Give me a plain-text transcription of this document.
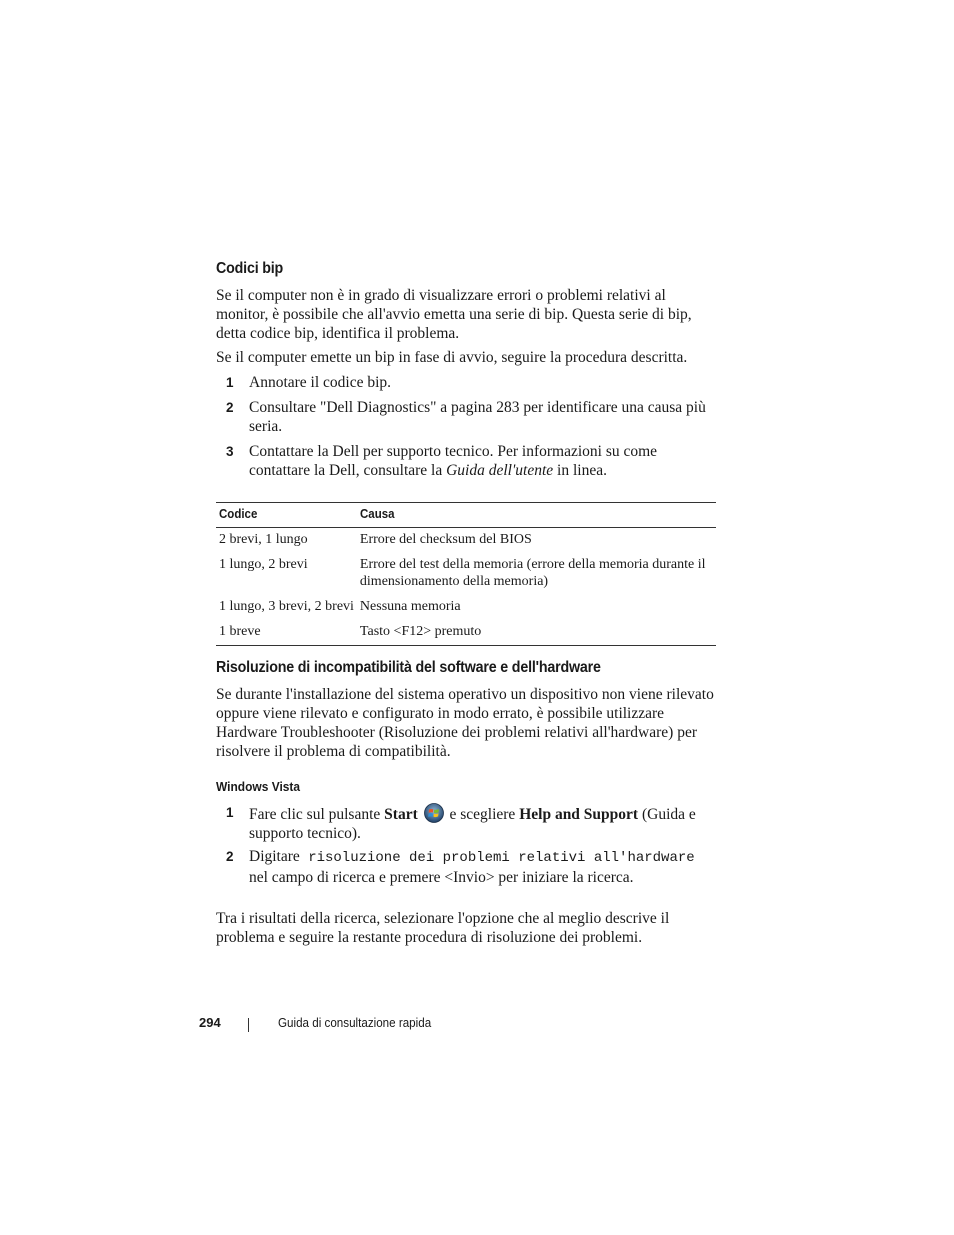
Codici bip

Se il computer non è in grado di visualizzare errori o problemi relativi al monitor, è possibile che all'avvio emetta una serie di bip. Questa serie di bip, detta codice bip, identifica il problema.

Se il computer emette un bip in fase di avvio, seguire la procedura descritta.

1 Annotare il codice bip.
2 Consultare "Dell Diagnostics" a pagina 283 per identificare una causa più seria.
3 Contattare la Dell per supporto tecnico. Per informazioni su come contattare la Dell, consultare la Guida dell'utente in linea.
Codice	Causa
2 brevi, 1 lungo	Errore del checksum del BIOS
1 lungo, 2 brevi	Errore del test della memoria (errore della memoria durante il dimensionamento della memoria)
1 lungo, 3 brevi, 2 brevi	Nessuna memoria
1 breve	Tasto <F12> premuto
Risoluzione di incompatibilità del software e dell'hardware

Se durante l'installazione del sistema operativo un dispositivo non viene rilevato oppure viene rilevato e configurato in modo errato, è possibile utilizzare Hardware Troubleshooter (Risoluzione dei problemi relativi all'hardware) per risolvere il problema di compatibilità.

Windows Vista
1 Fare clic sul pulsante Start  e scegliere Help and Support (Guida e supporto tecnico).
2 Digitare risoluzione dei problemi relativi all'hardware nel campo di ricerca e premere <Invio> per iniziare la ricerca.

Tra i risultati della ricerca, selezionare l'opzione che al meglio descrive il problema e seguire la restante procedura di risoluzione dei problemi.

294	Guida di consultazione rapida
